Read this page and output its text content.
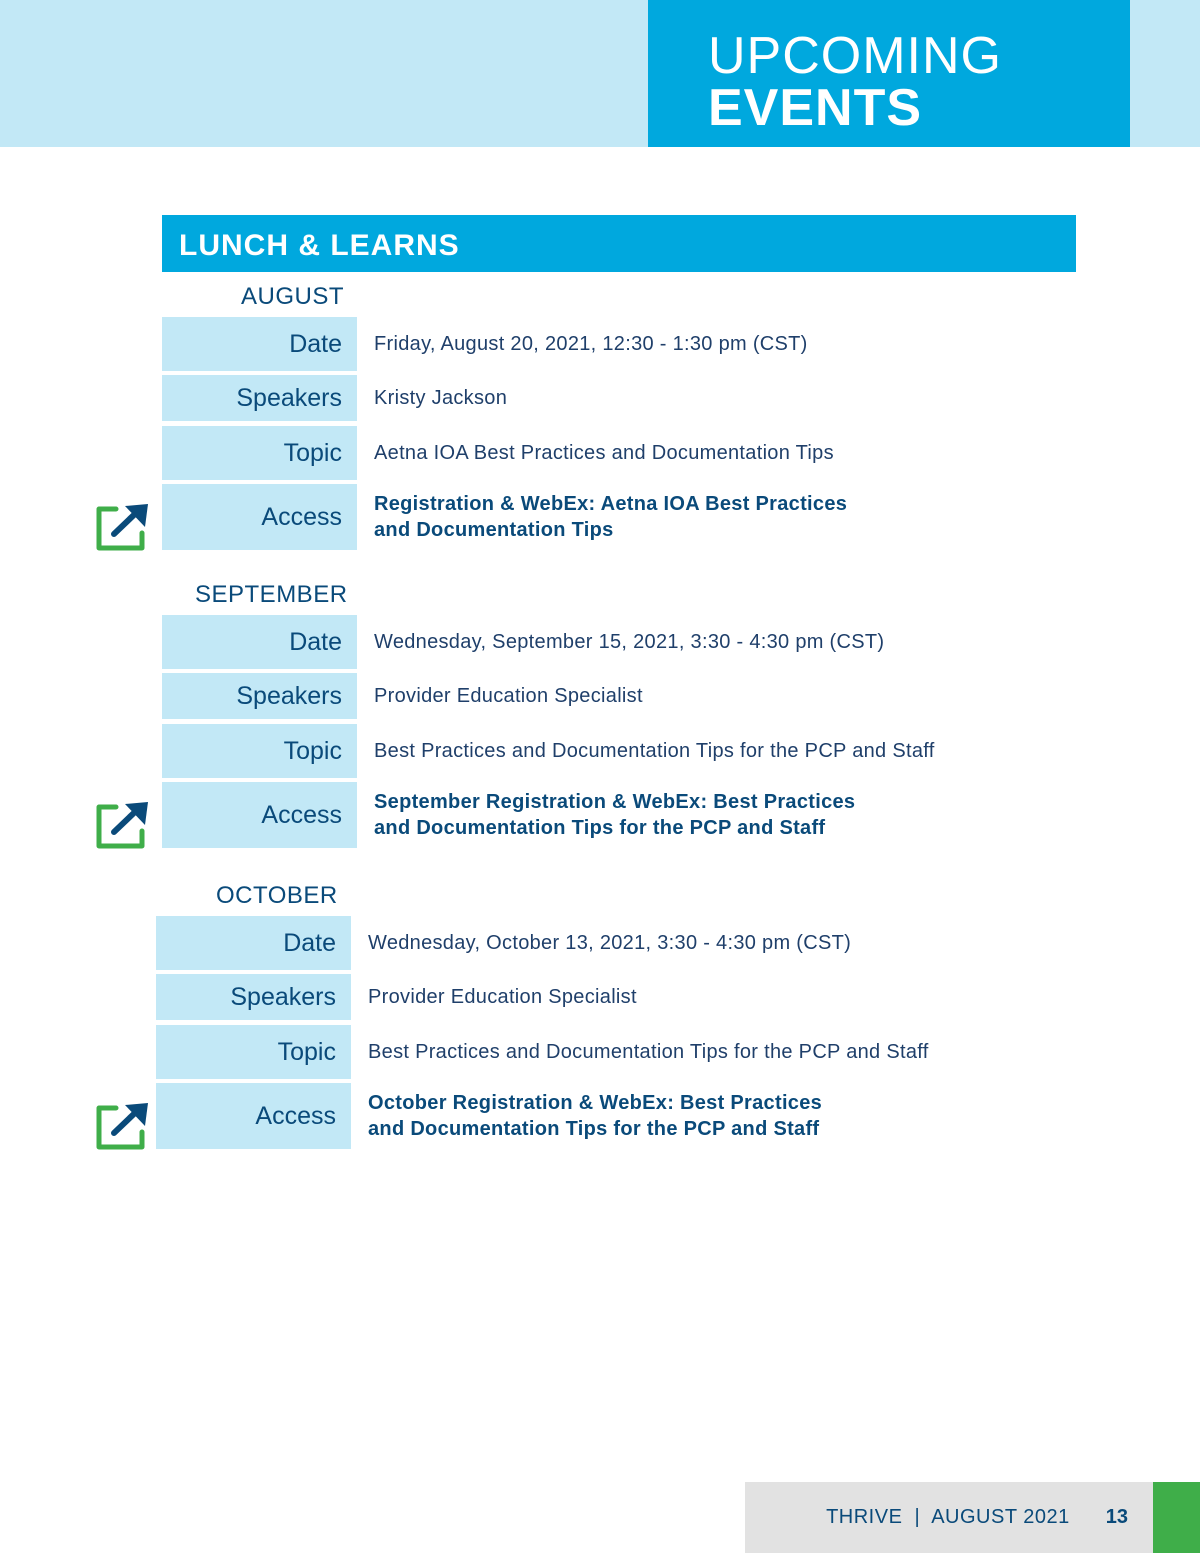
UPCOMING
EVENTS
LUNCH & LEARNS
AUGUST
Date	Friday, August 20, 2021, 12:30 - 1:30 pm (CST)
Speakers	Kristy Jackson
Topic	Aetna IOA Best Practices and Documentation Tips
Access	Registration & WebEx: Aetna IOA Best Practices
and Documentation Tips
SEPTEMBER
Date	Wednesday, September 15, 2021, 3:30 - 4:30 pm (CST)
Speakers	Provider Education Specialist
Topic	Best Practices and Documentation Tips for the PCP and Staff
Access	September Registration & WebEx: Best Practices
and Documentation Tips for the PCP and Staff
OCTOBER
Date	Wednesday, October 13, 2021, 3:30 - 4:30 pm (CST)
Speakers	Provider Education Specialist
Topic	Best Practices and Documentation Tips for the PCP and Staff
Access	October Registration & WebEx: Best Practices
and Documentation Tips for the PCP and Staff
THRIVE  |  AUGUST 2021 13
